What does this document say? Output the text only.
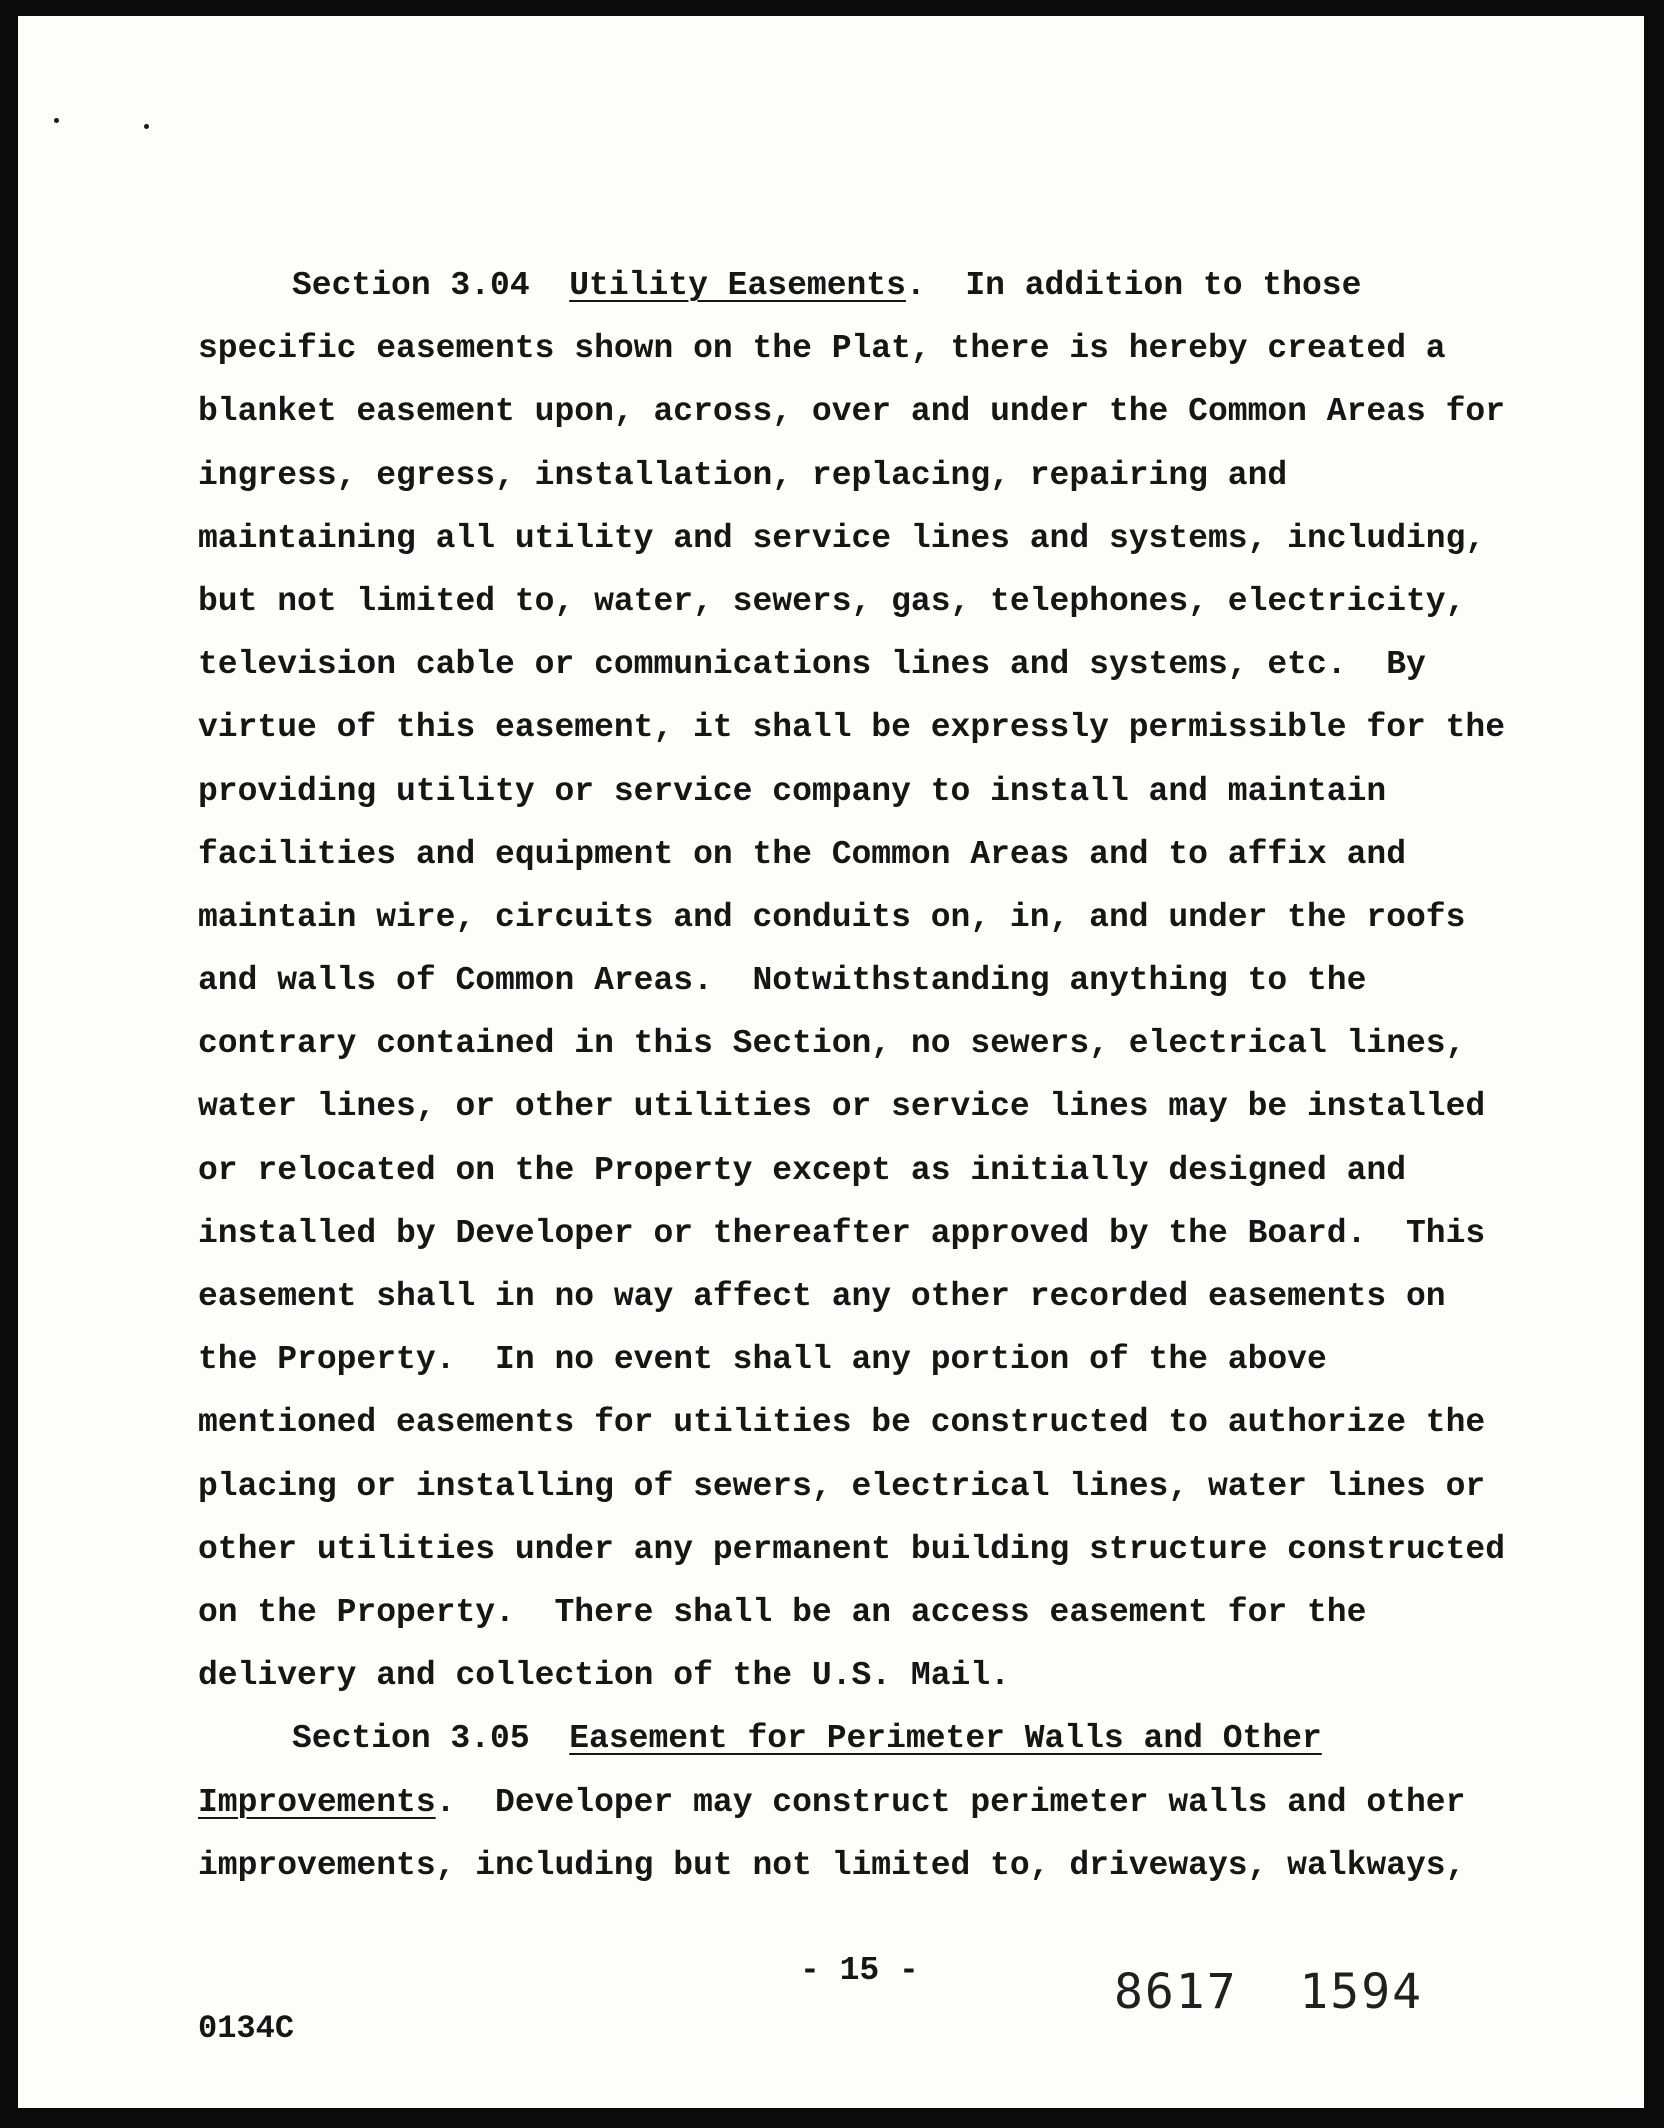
Section 3.04  Utility Easements.  In addition to those
specific easements shown on the Plat, there is hereby created a
blanket easement upon, across, over and under the Common Areas for
ingress, egress, installation, replacing, repairing and
maintaining all utility and service lines and systems, including,
but not limited to, water, sewers, gas, telephones, electricity,
television cable or communications lines and systems, etc.  By
virtue of this easement, it shall be expressly permissible for the
providing utility or service company to install and maintain
facilities and equipment on the Common Areas and to affix and
maintain wire, circuits and conduits on, in, and under the roofs
and walls of Common Areas.  Notwithstanding anything to the
contrary contained in this Section, no sewers, electrical lines,
water lines, or other utilities or service lines may be installed
or relocated on the Property except as initially designed and
installed by Developer or thereafter approved by the Board.  This
easement shall in no way affect any other recorded easements on
the Property.  In no event shall any portion of the above
mentioned easements for utilities be constructed to authorize the
placing or installing of sewers, electrical lines, water lines or
other utilities under any permanent building structure constructed
on the Property.  There shall be an access easement for the
delivery and collection of the U.S. Mail.
Section 3.05  Easement for Perimeter Walls and Other
Improvements.  Developer may construct perimeter walls and other
improvements, including but not limited to, driveways, walkways,
- 15 -
0134C
8617  1594
